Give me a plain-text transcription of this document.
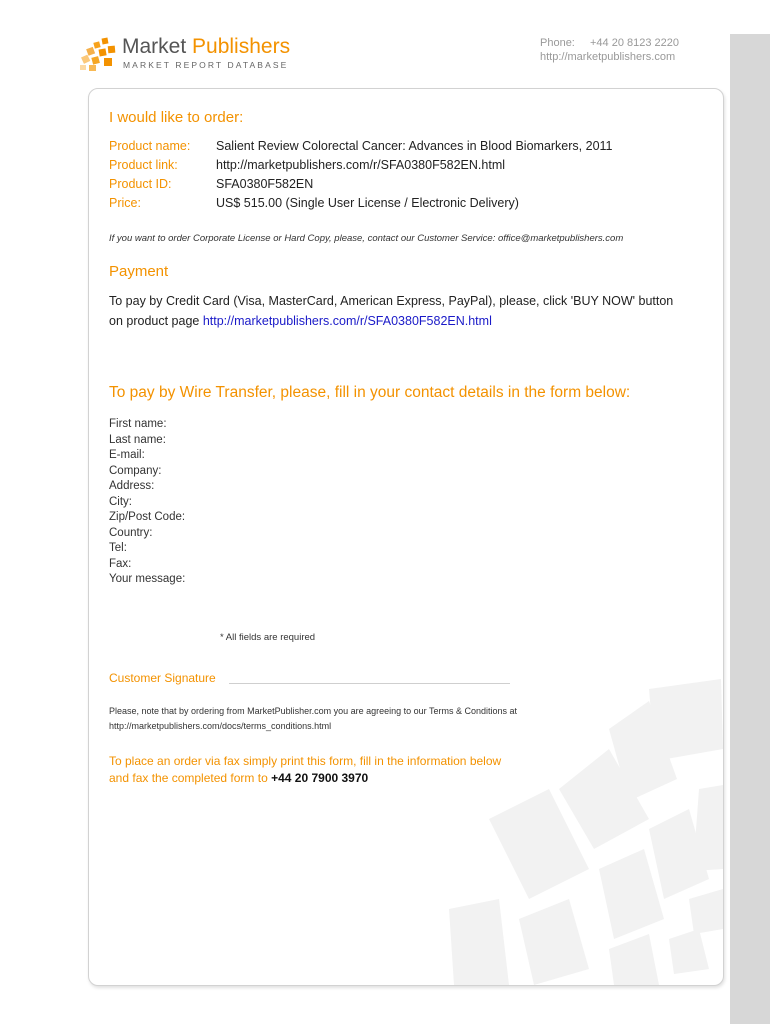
Market Publishers
MARKET REPORT DATABASE
Phone: +44 20 8123 2220
http://marketpublishers.com
I would like to order:
Product name: Salient Review Colorectal Cancer: Advances in Blood Biomarkers, 2011
Product link:	http://marketpublishers.com/r/SFA0380F582EN.html
Product ID:	SFA0380F582EN
Price:	US$ 515.00 (Single User License / Electronic Delivery)
If you want to order Corporate License or Hard Copy, please, contact our Customer Service: office@marketpublishers.com
Payment
To pay by Credit Card (Visa, MasterCard, American Express, PayPal), please, click 'BUY NOW' button
on product page http://marketpublishers.com/r/SFA0380F582EN.html
To pay by Wire Transfer, please, fill in your contact details in the form below:
First name:
Last name:
E-mail:
Company:
Address:
City:
Zip/Post Code:
Country:
Tel:
Fax:
Your message:
* All fields are required
Customer Signature
Please, note that by ordering from MarketPublisher.com you are agreeing to our Terms & Conditions at
http://marketpublishers.com/docs/terms_conditions.html
To place an order via fax simply print this form, fill in the information below
and fax the completed form to +44 20 7900 3970
